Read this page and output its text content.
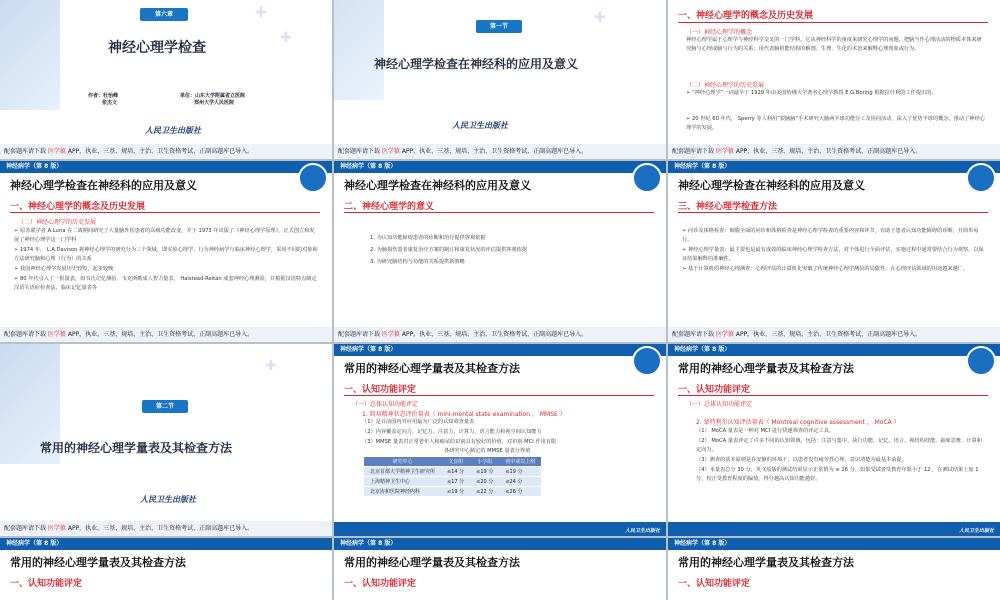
✚
✚
第六章
神经心理学检查
作者：杜怡峰
张杰文
单位：山东大学附属省立医院
郑州大学人民医院
人民卫生出版社
配套题库请下载 医学猿 APP，执业、三基、规培、主治、卫生资格考试、正副高题库已导入。
✚
第一节
神经心理学检查在神经科的应用及意义
人民卫生出版社
配套题库请下载 医学猿 APP，执业、三基、规培、主治、卫生资格考试、正副高题库已导入。
一、神经心理学的概念及历史发展
（一）神经心理学的概念
神经心理学属于心理学与神经科学交叉的一门学科。它从神经科学的角度来研究心理学的问题，把脑当作心理活动的物质本体来研究脑与心理或脑与行为的关系；用代表脑机能结构的解剖、生理、生化的术语来解释心理现象或行为。
（二）神经心理学的历史发展
➢ “神经心理学”一词最早于 1929 年由美国哈佛大学著名心理学教授 E.G.Boring 根据拉什利的工作提出的。
➢ 20 世纪 60 年代， Sperry 等人利用“裂脑脑”手术研究大脑两半球功能分工及协同活动。深入了优势半球的概念，推动了神经心理学的发展。
配套题库请下载 医学猿 APP，执业、三基、规培、主治、卫生资格考试、正副高题库已导入。
神经病学（第 8 版）
神经心理学检查在神经科的应用及意义
一、神经心理学的概念及历史发展
（二）神经心理学的历史发展

➢ 原苏联学者 A.Luria 在二战期间研究了大量脑外伤患者的高级功能改变，并于 1973 年出版了《神经心理学原理》，正式创立和发展了神经心理学这一门学科

➢ 1974 年， L.A.Davison 将神经心理学的研究分为三个领域，即实验心理学、行为神经病学与临床神经心理学，采用不同的对象和方法研究脑和心理（行为）的关系

➢ 我国神经心理学发展历史较短，起步较晚

➢ 80 年代引入了一批量表，如韦氏记忆测验、韦克斯勒成人智力量表、 Halstead-Reitan 成套神经心理测验，并根据汉语特点制定汉语失语症检查法、临床记忆量表等

配套题库请下载 医学猿 APP，执业、三基、规培、主治、卫生资格考试、正副高题库已导入。
神经病学（第 8 版）
神经心理学检查在神经科的应用及意义
二、神经心理学的意义

1. 为认知功能障碍患者的诊断和治疗提供客观依据

2. 为脑损伤患者康复治疗方案的制订和康复状况的评估提供客观依据

3. 为研究脑结构与功能的关系提供新策略

配套题库请下载 医学猿 APP，执业、三基、规培、主治、卫生资格考试、正副高题库已导入。
神经病学（第 8 版）
神经心理学检查在神经科的应用及意义
三、神经心理学检查方法

➢ 问诊及体格检查：烟脱全面的问诊和体格检查是神经心理学检查的重要内容和环节，有助于患者认知功能障碍的诊断，且简单易行。

➢ 神经心理学量表：最主要也是最有成效的临床神经心理学检查方法，对个体进行全面评估，实施过程中通常要结合行为观察，以保证结果解释的准确性。

➢ 基于计算机的神经心理测查：心理评估的计算机化突破了传统神经心理学测验的局限性，在心理评估领域的用途越来越广。

配套题库请下载 医学猿 APP，执业、三基、规培、主治、卫生资格考试、正副高题库已导入。
✚
第二节
常用的神经心理学量表及其检查方法
人民卫生出版社
配套题库请下载 医学猿 APP，执业、三基、规培、主治、卫生资格考试、正副高题库已导入。
神经病学（第 8 版）
常用的神经心理学量表及其检查方法
一、认知功能评定
（一）总体认知功能评定
1. 简易精神状态评价量表（ mini-mental state examination ， MMSE ）

（1）是目前国内外应用最为广泛的认知筛查量表

（2）内容覆盖定向力、记忆力、注意力、计算力、语言能力和视空间认知能力

（3）MMSE 量表对正常老年人和痴呆的识别具有较好的价值，对识别 MCI 作用有限

各研究中心制定的 MMSE 量表分界值
研究中心	文盲组	小学组	初中或以上组
北京首都大学精神卫生研究所	≤14 分	≤19 分	≤19 分
上海精神卫生中心	≤17 分	≤20 分	≤24 分
北京协和医院神经内科	≤19 分	≤22 分	≤26 分
人民卫生出版社
神经病学（第 8 版）
常用的神经心理学量表及其检查方法
一、认知功能评定
（一）总体认知功能评定
2. 蒙特利尔认知评估量表（ Montreal cognitive assessment ， MoCA ）

（1） MoCA 量表是一种对 MCI 进行快速筛查的评定工具。

（2） MoCA 量表评定了许多不同的认知领域，包括：注意与集中、执行功能、记忆、语言、视结构技能、抽象思维、计算和定向力。

（3）测查的基本原则是在安静的环境下，以患者没有疲劳性心理，意识清楚为最基本前提。

（4）本量表总分 30 分，英文原版的测试结果显示正常值为 ≥ 26 分。如果受试者受教育年限小于 12 ，在测试结果上加 1 分，校正受教育程度的偏倚，得分越高认知功能越好。

人民卫生出版社
神经病学（第 8 版）
常用的神经心理学量表及其检查方法
一、认知功能评定
神经病学（第 8 版）
常用的神经心理学量表及其检查方法
一、认知功能评定
神经病学（第 8 版）
常用的神经心理学量表及其检查方法
一、认知功能评定
